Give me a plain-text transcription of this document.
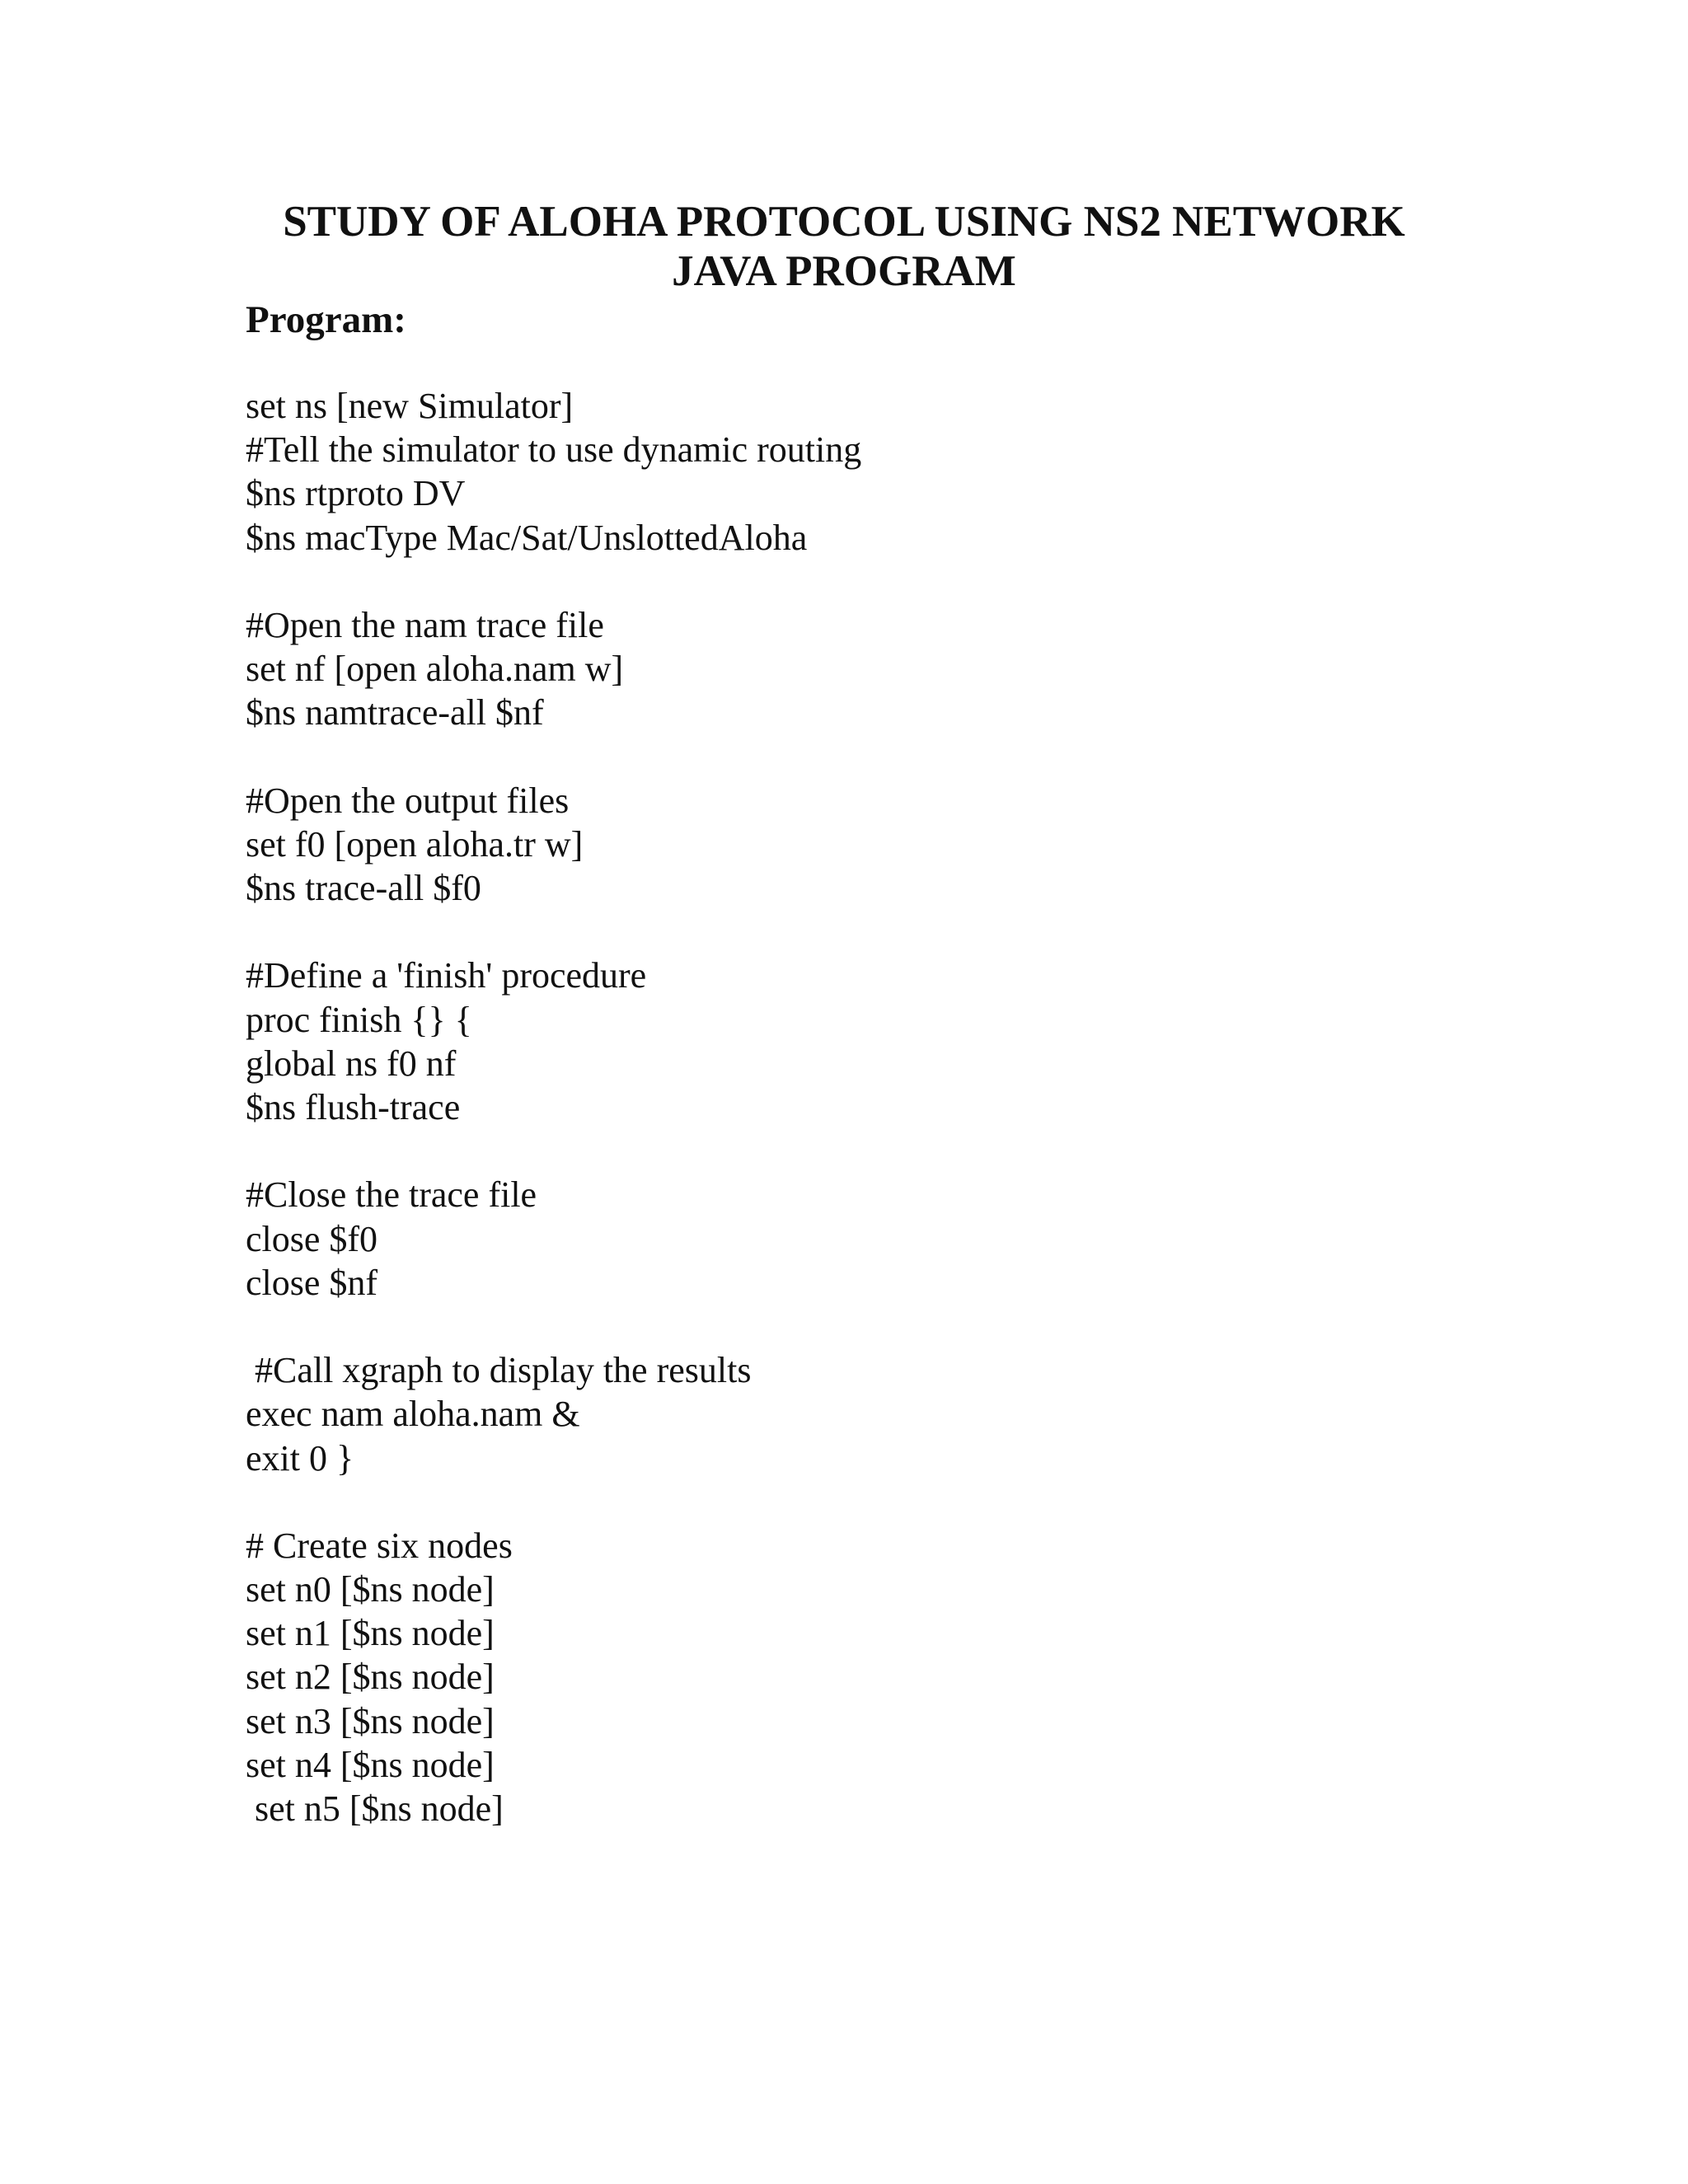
STUDY OF ALOHA PROTOCOL USING NS2 NETWORK
JAVA PROGRAM
Program:
set ns [new Simulator]
#Tell the simulator to use dynamic routing
$ns rtproto DV
$ns macType Mac/Sat/UnslottedAloha
#Open the nam trace file
set nf [open aloha.nam w]
$ns namtrace-all $nf
#Open the output files
set f0 [open aloha.tr w]
$ns trace-all $f0
#Define a 'finish' procedure
proc finish {} {
global ns f0 nf
$ns flush-trace
#Close the trace file
close $f0
close $nf
#Call xgraph to display the results
exec nam aloha.nam &
exit 0 }
# Create six nodes
set n0 [$ns node]
set n1 [$ns node]
set n2 [$ns node]
set n3 [$ns node]
set n4 [$ns node]
set n5 [$ns node]
